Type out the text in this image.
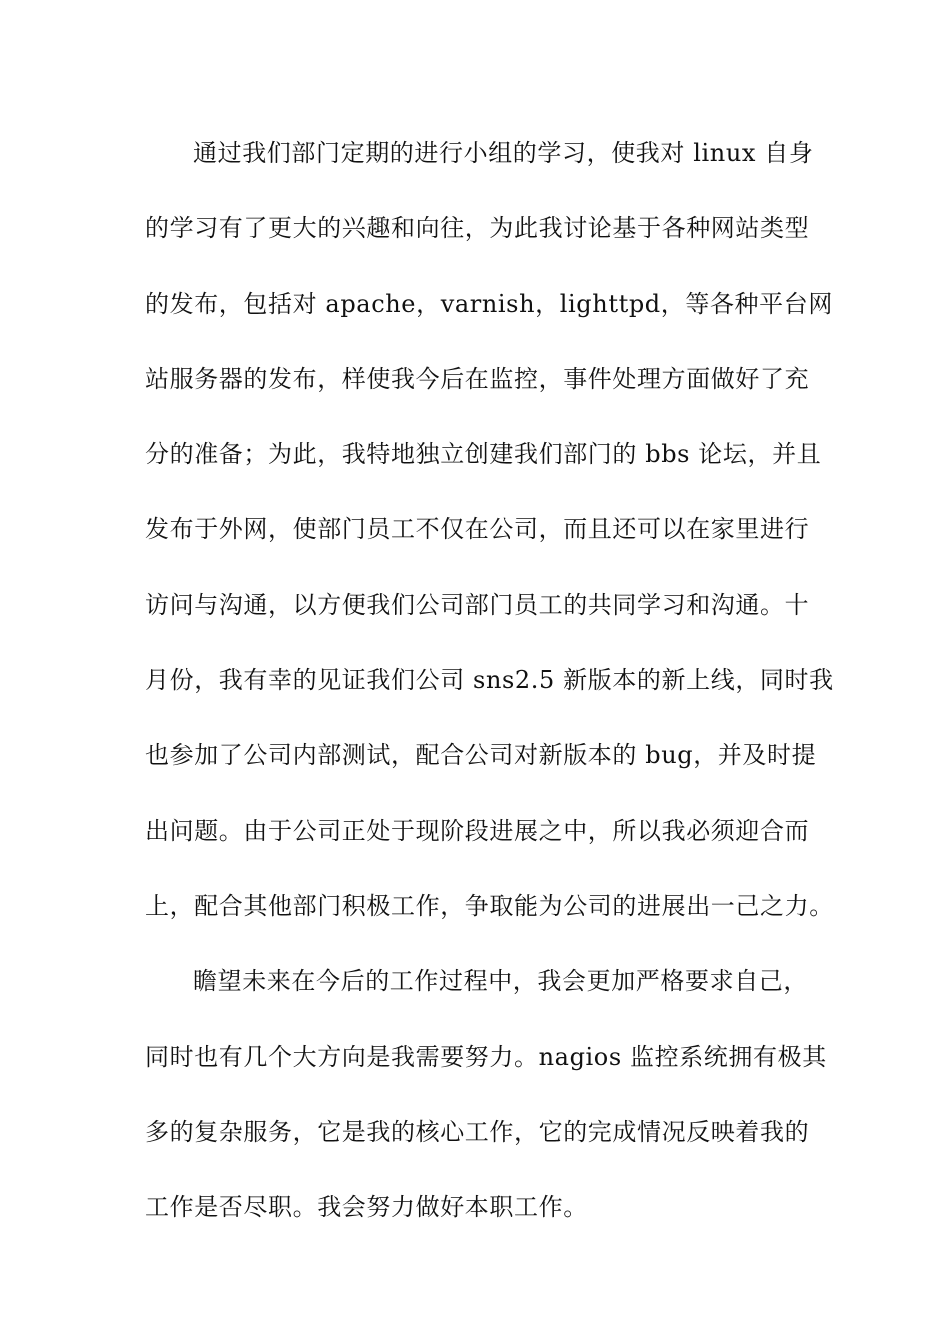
通过我们部门定期的进行小组的学习，使我对 linux 自身
的学习有了更大的兴趣和向往，为此我讨论基于各种网站类型
的发布，包括对 apache，varnish，lighttpd，等各种平台网
站服务器的发布，样使我今后在监控，事件处理方面做好了充
分的准备；为此，我特地独立创建我们部门的 bbs 论坛，并且
发布于外网，使部门员工不仅在公司，而且还可以在家里进行
访问与沟通，以方便我们公司部门员工的共同学习和沟通。十
月份，我有幸的见证我们公司 sns2.5 新版本的新上线，同时我
也参加了公司内部测试，配合公司对新版本的 bug，并及时提
出问题。由于公司正处于现阶段进展之中，所以我必须迎合而
上，配合其他部门积极工作，争取能为公司的进展出一己之力。
瞻望未来在今后的工作过程中，我会更加严格要求自己，
同时也有几个大方向是我需要努力。nagios 监控系统拥有极其
多的复杂服务，它是我的核心工作，它的完成情况反映着我的
工作是否尽职。我会努力做好本职工作。
